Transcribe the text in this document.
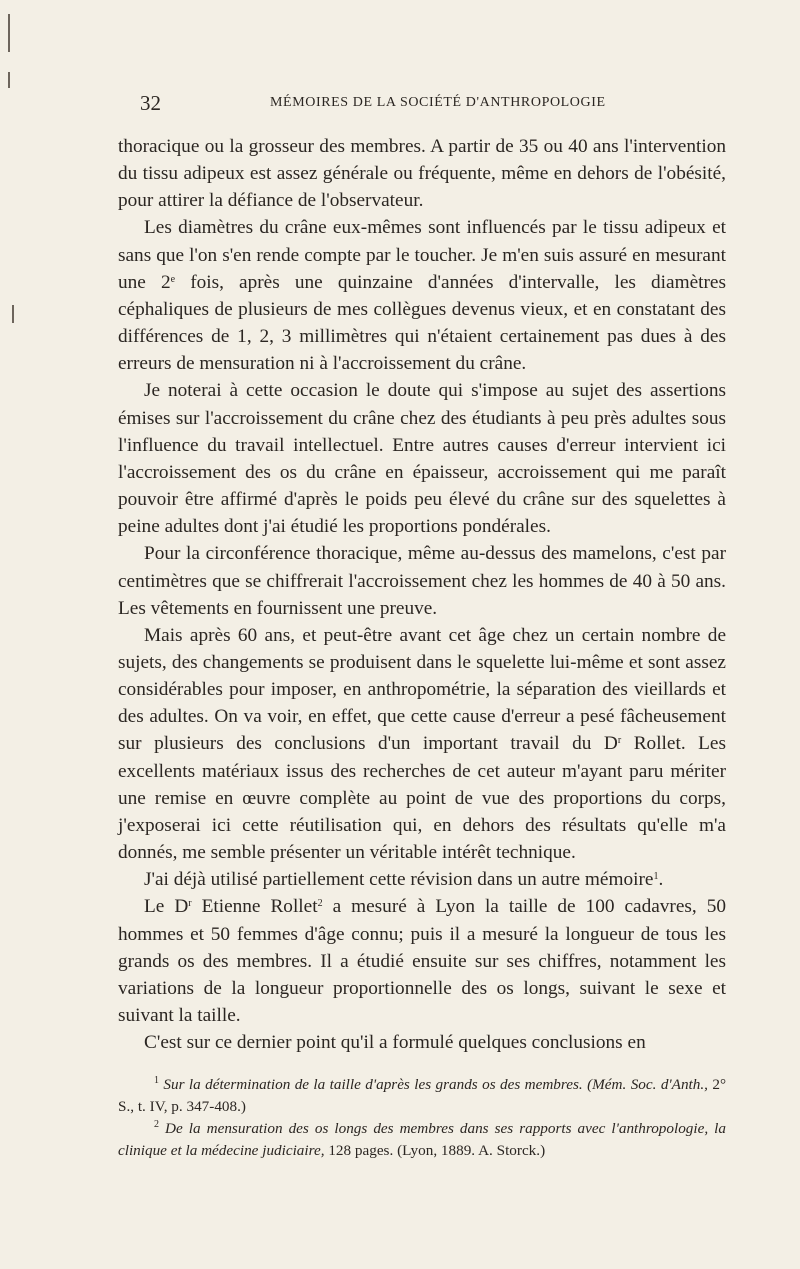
32	MÉMOIRES DE LA SOCIÉTÉ D'ANTHROPOLOGIE

thoracique ou la grosseur des membres. A partir de 35 ou 40 ans l'intervention du tissu adipeux est assez générale ou fréquente, même en dehors de l'obésité, pour attirer la défiance de l'observateur.

Les diamètres du crâne eux-mêmes sont influencés par le tissu adipeux et sans que l'on s'en rende compte par le toucher. Je m'en suis assuré en mesurant une 2e fois, après une quinzaine d'années d'intervalle, les diamètres céphaliques de plusieurs de mes collègues devenus vieux, et en constatant des différences de 1, 2, 3 millimètres qui n'étaient certainement pas dues à des erreurs de mensuration ni à l'accroissement du crâne.

Je noterai à cette occasion le doute qui s'impose au sujet des assertions émises sur l'accroissement du crâne chez des étudiants à peu près adultes sous l'influence du travail intellectuel. Entre autres causes d'erreur intervient ici l'accroissement des os du crâne en épaisseur, accroissement qui me paraît pouvoir être affirmé d'après le poids peu élevé du crâne sur des squelettes à peine adultes dont j'ai étudié les proportions pondérales.

Pour la circonférence thoracique, même au-dessus des mamelons, c'est par centimètres que se chiffrerait l'accroissement chez les hommes de 40 à 50 ans. Les vêtements en fournissent une preuve.

Mais après 60 ans, et peut-être avant cet âge chez un certain nombre de sujets, des changements se produisent dans le squelette lui-même et sont assez considérables pour imposer, en anthropométrie, la séparation des vieillards et des adultes. On va voir, en effet, que cette cause d'erreur a pesé fâcheusement sur plusieurs des conclusions d'un important travail du $D^r$ Rollet. Les excellents matériaux issus des recherches de cet auteur m'ayant paru mériter une remise en œuvre complète au point de vue des proportions du corps, j'exposerai ici cette réutilisation qui, en dehors des résultats qu'elle m'a donnés, me semble présenter un véritable intérêt technique.

J'ai déjà utilisé partiellement cette révision dans un autre mémoire$^1$.

Le $D^r$ Etienne Rollet$^2$ a mesuré à Lyon la taille de 100 cadavres, 50 hommes et 50 femmes d'âge connu; puis il a mesuré la longueur de tous les grands os des membres. Il a étudié ensuite sur ses chiffres, notamment les variations de la longueur proportionnelle des os longs, suivant le sexe et suivant la taille.

C'est sur ce dernier point qu'il a formulé quelques conclusions en

$^1$ Sur la détermination de la taille d'après les grands os des membres. (Mém. Soc. d'Anth., 2° S., t. IV, p. 347-408.)

$^2$ De la mensuration des os longs des membres dans ses rapports avec l'anthropologie, la clinique et la médecine judiciaire, 128 pages. (Lyon, 1889. A. Storck.)
